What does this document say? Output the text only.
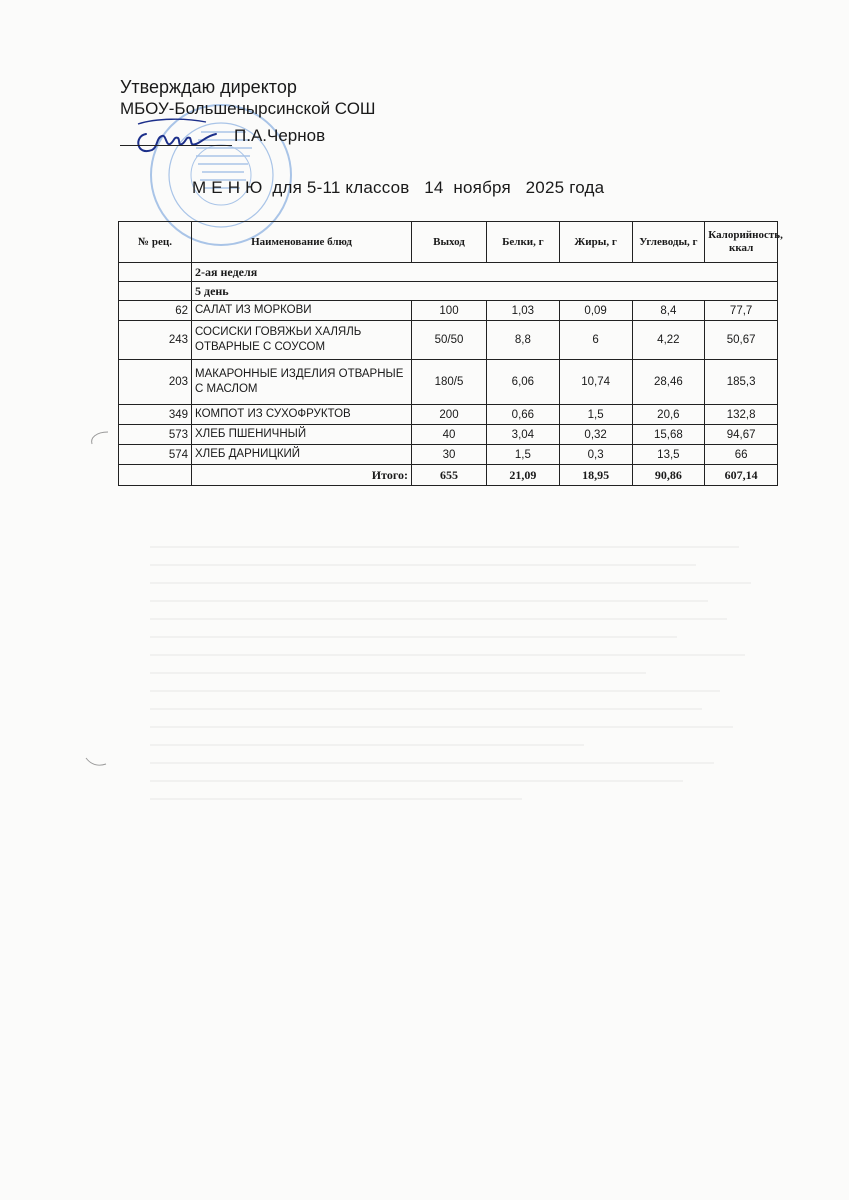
Утверждаю директор
МБОУ-Большенырсинской СОШ
П.А.Чернов
М Е Н Ю  для 5-11 классов   14  ноября   2025 года
№ рец.	Наименование блюд	Выход	Белки, г	Жиры, г	Углеводы, г	Калорийность, ккал
	2-ая неделя					
	5 день					
62	САЛАТ ИЗ МОРКОВИ	100	1,03	0,09	8,4	77,7
243	СОСИСКИ ГОВЯЖЬИ ХАЛЯЛЬ ОТВАРНЫЕ С СОУСОМ	50/50	8,8	6	4,22	50,67
203	МАКАРОННЫЕ ИЗДЕЛИЯ ОТВАРНЫЕ С МАСЛОМ	180/5	6,06	10,74	28,46	185,3
349	КОМПОТ ИЗ СУХОФРУКТОВ	200	0,66	1,5	20,6	132,8
573	ХЛЕБ ПШЕНИЧНЫЙ	40	3,04	0,32	15,68	94,67
574	ХЛЕБ ДАРНИЦКИЙ	30	1,5	0,3	13,5	66
	Итого:	655	21,09	18,95	90,86	607,14
